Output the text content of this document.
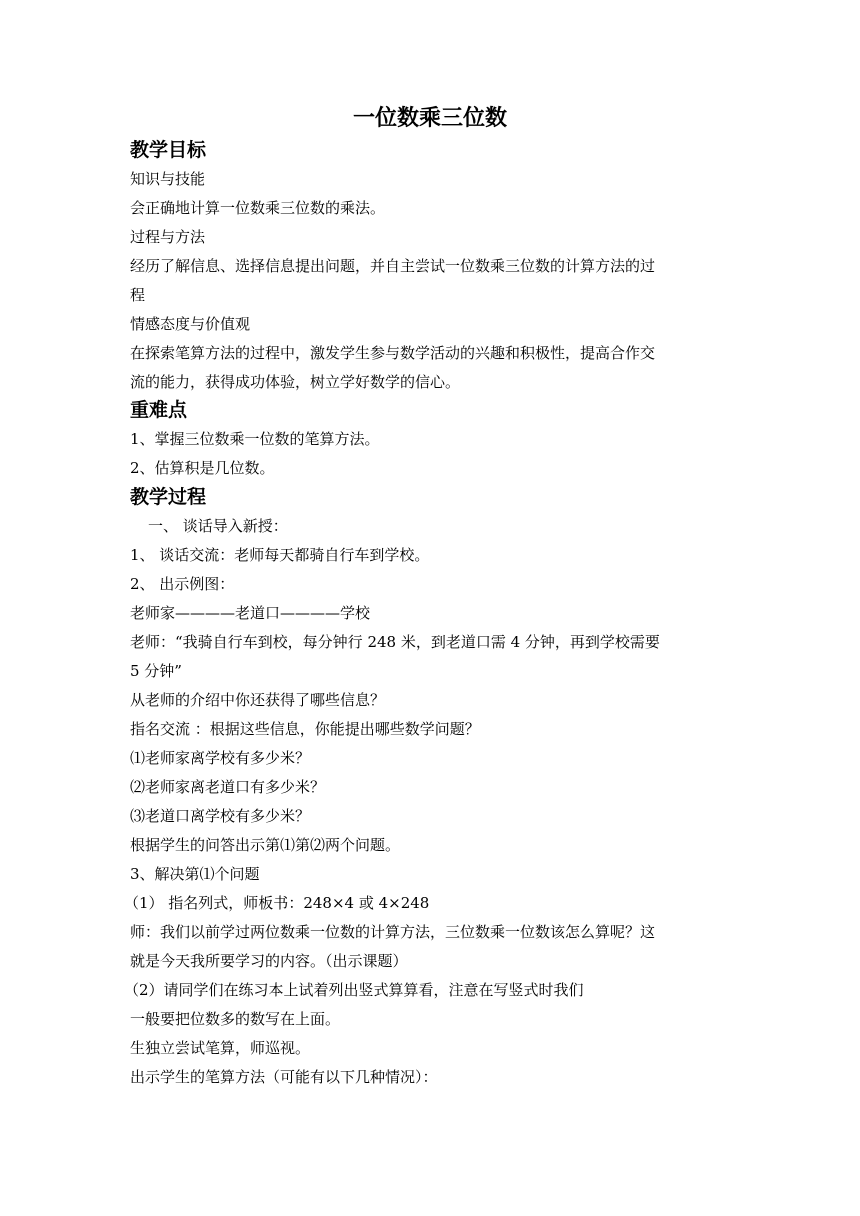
一位数乘三位数
教学目标
知识与技能
会正确地计算一位数乘三位数的乘法。
过程与方法
经历了解信息、选择信息提出问题，并自主尝试一位数乘三位数的计算方法的过
程
情感态度与价值观
在探索笔算方法的过程中，激发学生参与数学活动的兴趣和积极性，提高合作交
流的能力，获得成功体验，树立学好数学的信心。
重难点
1、掌握三位数乘一位数的笔算方法。
2、估算积是几位数。
教学过程
一、 谈话导入新授：
1、 谈话交流：老师每天都骑自行车到学校。
2、 出示例图：
老师家————老道口————学校
老师：“我骑自行车到校，每分钟行 248 米，到老道口需 4 分钟，再到学校需要
5 分钟”
从老师的介绍中你还获得了哪些信息？
指名交流 ：根据这些信息，你能提出哪些数学问题？
⑴老师家离学校有多少米？
⑵老师家离老道口有多少米？
⑶老道口离学校有多少米？
根据学生的问答出示第⑴第⑵两个问题。
3、解决第⑴个问题
（1） 指名列式，师板书：248×4 或 4×248
师：我们以前学过两位数乘一位数的计算方法，三位数乘一位数该怎么算呢？这
就是今天我所要学习的内容。（出示课题）
（2）请同学们在练习本上试着列出竖式算算看，注意在写竖式时我们
一般要把位数多的数写在上面。
生独立尝试笔算，师巡视。
出示学生的笔算方法（可能有以下几种情况）：
